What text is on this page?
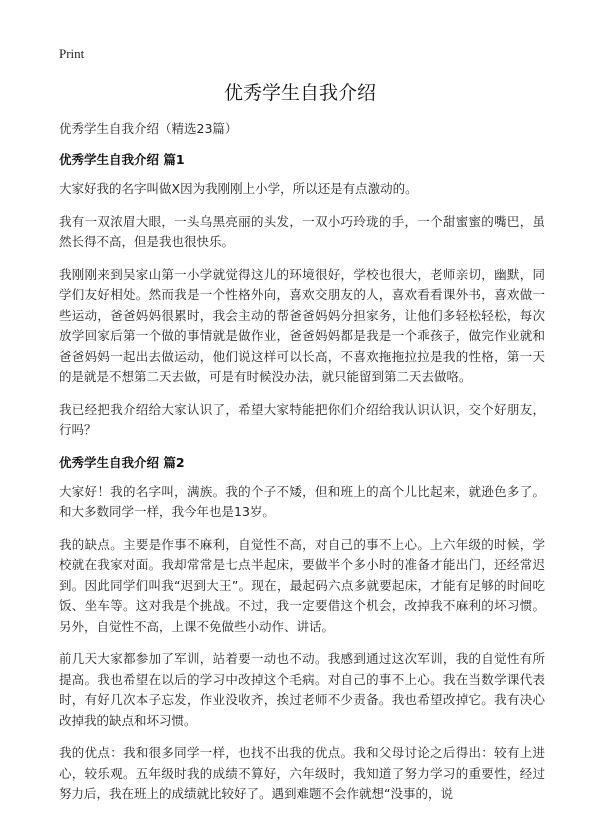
Print
优秀学生自我介绍
优秀学生自我介绍（精选23篇）
优秀学生自我介绍 篇1

大家好我的名字叫做X因为我刚刚上小学，所以还是有点激动的。

我有一双浓眉大眼，一头乌黑亮丽的头发，一双小巧玲珑的手，一个甜蜜蜜的嘴巴，虽然长得不高，但是我也很快乐。

我刚刚来到吴家山第一小学就觉得这儿的环境很好，学校也很大，老师亲切，幽默，同学们友好相处。然而我是一个性格外向，喜欢交朋友的人，喜欢看看课外书，喜欢做一些运动，爸爸妈妈很累时，我会主动的帮爸爸妈妈分担家务，让他们多轻松轻松，每次放学回家后第一个做的事情就是做作业，爸爸妈妈都是我是一个乖孩子，做完作业就和爸爸妈妈一起出去做运动，他们说这样可以长高，不喜欢拖拖拉拉是我的性格，第一天的是就是不想第二天去做，可是有时候没办法，就只能留到第二天去做咯。

我已经把我介绍给大家认识了，希望大家特能把你们介绍给我认识认识，交个好朋友，行吗？

优秀学生自我介绍 篇2

大家好！我的名字叫，满族。我的个子不矮，但和班上的高个儿比起来，就逊色多了。和大多数同学一样，我今年也是13岁。

我的缺点。主要是作事不麻利，自觉性不高，对自己的事不上心。上六年级的时候，学校就在我家对面。我却常常是七点半起床，要做半个多小时的准备才能出门，还经常迟到。因此同学们叫我“迟到大王”。现在，最起码六点多就要起床，才能有足够的时间吃饭、坐车等。这对我是个挑战。不过，我一定要借这个机会，改掉我不麻利的坏习惯。另外，自觉性不高，上课不免做些小动作、讲话。

前几天大家都参加了军训，站着要一动也不动。我感到通过这次军训，我的自觉性有所提高。我也希望在以后的学习中改掉这个毛病。对自己的事不上心。我在当数学课代表时，有好几次本子忘发，作业没收齐，挨过老师不少责备。我也希望改掉它。我有决心改掉我的缺点和坏习惯。

我的优点：我和很多同学一样，也找不出我的优点。我和父母讨论之后得出：较有上进心，较乐观。五年级时我的成绩不算好，六年级时，我知道了努力学习的重要性，经过努力后，我在班上的成绩就比较好了。遇到难题不会作就想“没事的，说
